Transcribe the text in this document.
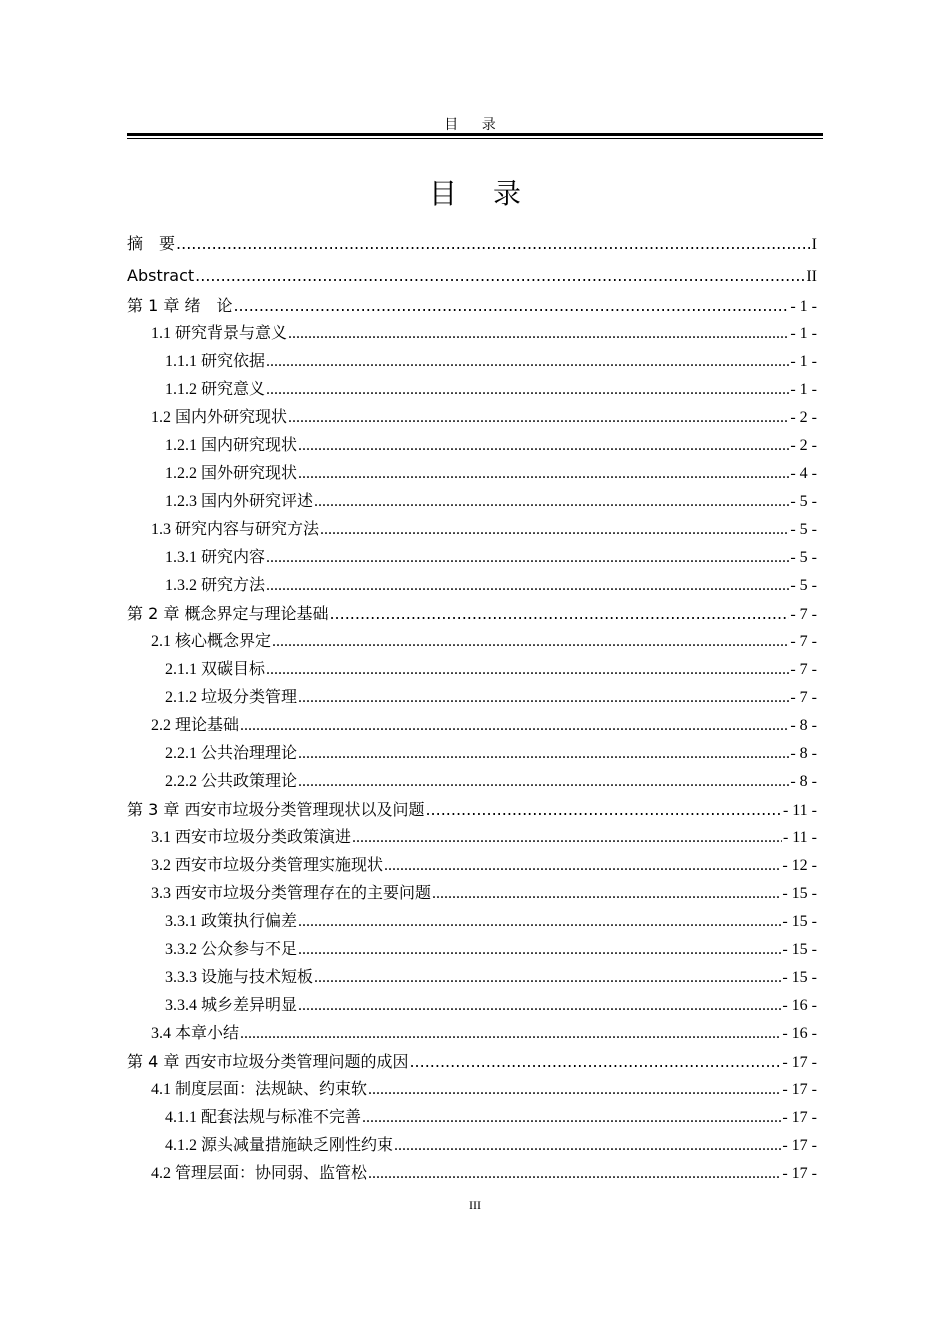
目 录
目录
摘　要 .....	I
Abstract .....	II
第 1 章 绪　论 .....	- 1 -
1.1 研究背景与意义 .....	- 1 -
1.1.1 研究依据 .....	- 1 -
1.1.2 研究意义 .....	- 1 -
1.2 国内外研究现状 .....	- 2 -
1.2.1 国内研究现状 .....	- 2 -
1.2.2 国外研究现状 .....	- 4 -
1.2.3 国内外研究评述 .....	- 5 -
1.3 研究内容与研究方法 .....	- 5 -
1.3.1 研究内容 .....	- 5 -
1.3.2 研究方法 .....	- 5 -
第 2 章 概念界定与理论基础 .....	- 7 -
2.1 核心概念界定 .....	- 7 -
2.1.1 双碳目标 .....	- 7 -
2.1.2 垃圾分类管理 .....	- 7 -
2.2 理论基础 .....	- 8 -
2.2.1 公共治理理论 .....	- 8 -
2.2.2 公共政策理论 .....	- 8 -
第 3 章 西安市垃圾分类管理现状以及问题 .....	- 11 -
3.1 西安市垃圾分类政策演进 .....	- 11 -
3.2 西安市垃圾分类管理实施现状 .....	- 12 -
3.3 西安市垃圾分类管理存在的主要问题 .....	- 15 -
3.3.1 政策执行偏差 .....	- 15 -
3.3.2 公众参与不足 .....	- 15 -
3.3.3 设施与技术短板 .....	- 15 -
3.3.4 城乡差异明显 .....	- 16 -
3.4 本章小结 .....	- 16 -
第 4 章 西安市垃圾分类管理问题的成因 .....	- 17 -
4.1 制度层面：法规缺、约束软 .....	- 17 -
4.1.1 配套法规与标准不完善 .....	- 17 -
4.1.2 源头减量措施缺乏刚性约束 .....	- 17 -
4.2 管理层面：协同弱、监管松 .....	- 17 -
III
